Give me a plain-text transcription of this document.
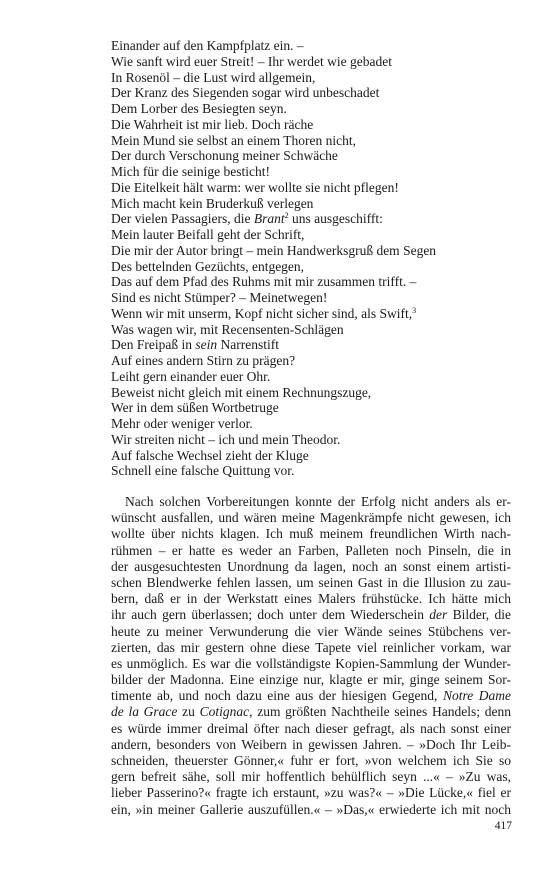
Einander auf den Kampfplatz ein. –
Wie sanft wird euer Streit! – Ihr werdet wie gebadet
In Rosenöl – die Lust wird allgemein,
Der Kranz des Siegenden sogar wird unbeschadet
Dem Lorber des Besiegten seyn.
Die Wahrheit ist mir lieb. Doch räche
Mein Mund sie selbst an einem Thoren nicht,
Der durch Verschonung meiner Schwäche
Mich für die seinige besticht!
Die Eitelkeit hält warm: wer wollte sie nicht pflegen!
Mich macht kein Bruderkuß verlegen
Der vielen Passagiers, die Brant$^2$ uns ausgeschifft:
Mein lauter Beifall geht der Schrift,
Die mir der Autor bringt – mein Handwerksgruß dem Segen
Des bettelnden Gezüchts, entgegen,
Das auf dem Pfad des Ruhms mit mir zusammen trifft. –
Sind es nicht Stümper? – Meinetwegen!
Wenn wir mit unserm, Kopf nicht sicher sind, als Swift,$^3$
Was wagen wir, mit Recensenten-Schlägen
Den Freipaß in sein Narrenstift
Auf eines andern Stirn zu prägen?
Leiht gern einander euer Ohr.
Beweist nicht gleich mit einem Rechnungszuge,
Wer in dem süßen Wortbetruge
Mehr oder weniger verlor.
Wir streiten nicht – ich und mein Theodor.
Auf falsche Wechsel zieht der Kluge
Schnell eine falsche Quittung vor.
Nach solchen Vorbereitungen konnte der Erfolg nicht anders als er-
wünscht ausfallen, und wären meine Magenkrämpfe nicht gewesen, ich
wollte über nichts klagen. Ich muß meinem freundlichen Wirth nach-
rühmen – er hatte es weder an Farben, Palleten noch Pinseln, die in
der ausgesuchtesten Unordnung da lagen, noch an sonst einem artisti-
schen Blendwerke fehlen lassen, um seinen Gast in die Illusion zu zau-
bern, daß er in der Werkstatt eines Malers frühstücke. Ich hätte mich
ihr auch gern überlassen; doch unter dem Wiederschein der Bilder, die
heute zu meiner Verwunderung die vier Wände seines Stübchens ver-
zierten, das mir gestern ohne diese Tapete viel reinlicher vorkam, war
es unmöglich. Es war die vollständigste Kopien-Sammlung der Wunder-
bilder der Madonna. Eine einzige nur, klagte er mir, ginge seinem Sor-
timente ab, und noch dazu eine aus der hiesigen Gegend, Notre Dame
de la Grace zu Cotignac, zum größten Nachtheile seines Handels; denn
es würde immer dreimal öfter nach dieser gefragt, als nach sonst einer
andern, besonders von Weibern in gewissen Jahren. – »Doch Ihr Leib-
schneiden, theuerster Gönner,« fuhr er fort, »von welchem ich Sie so
gern befreit sähe, soll mir hoffentlich behülflich seyn ...« – »Zu was,
lieber Passerino?« fragte ich erstaunt, »zu was?« – »Die Lücke,« fiel er
ein, »in meiner Gallerie auszufüllen.« – »Das,« erwiederte ich mit noch
417
